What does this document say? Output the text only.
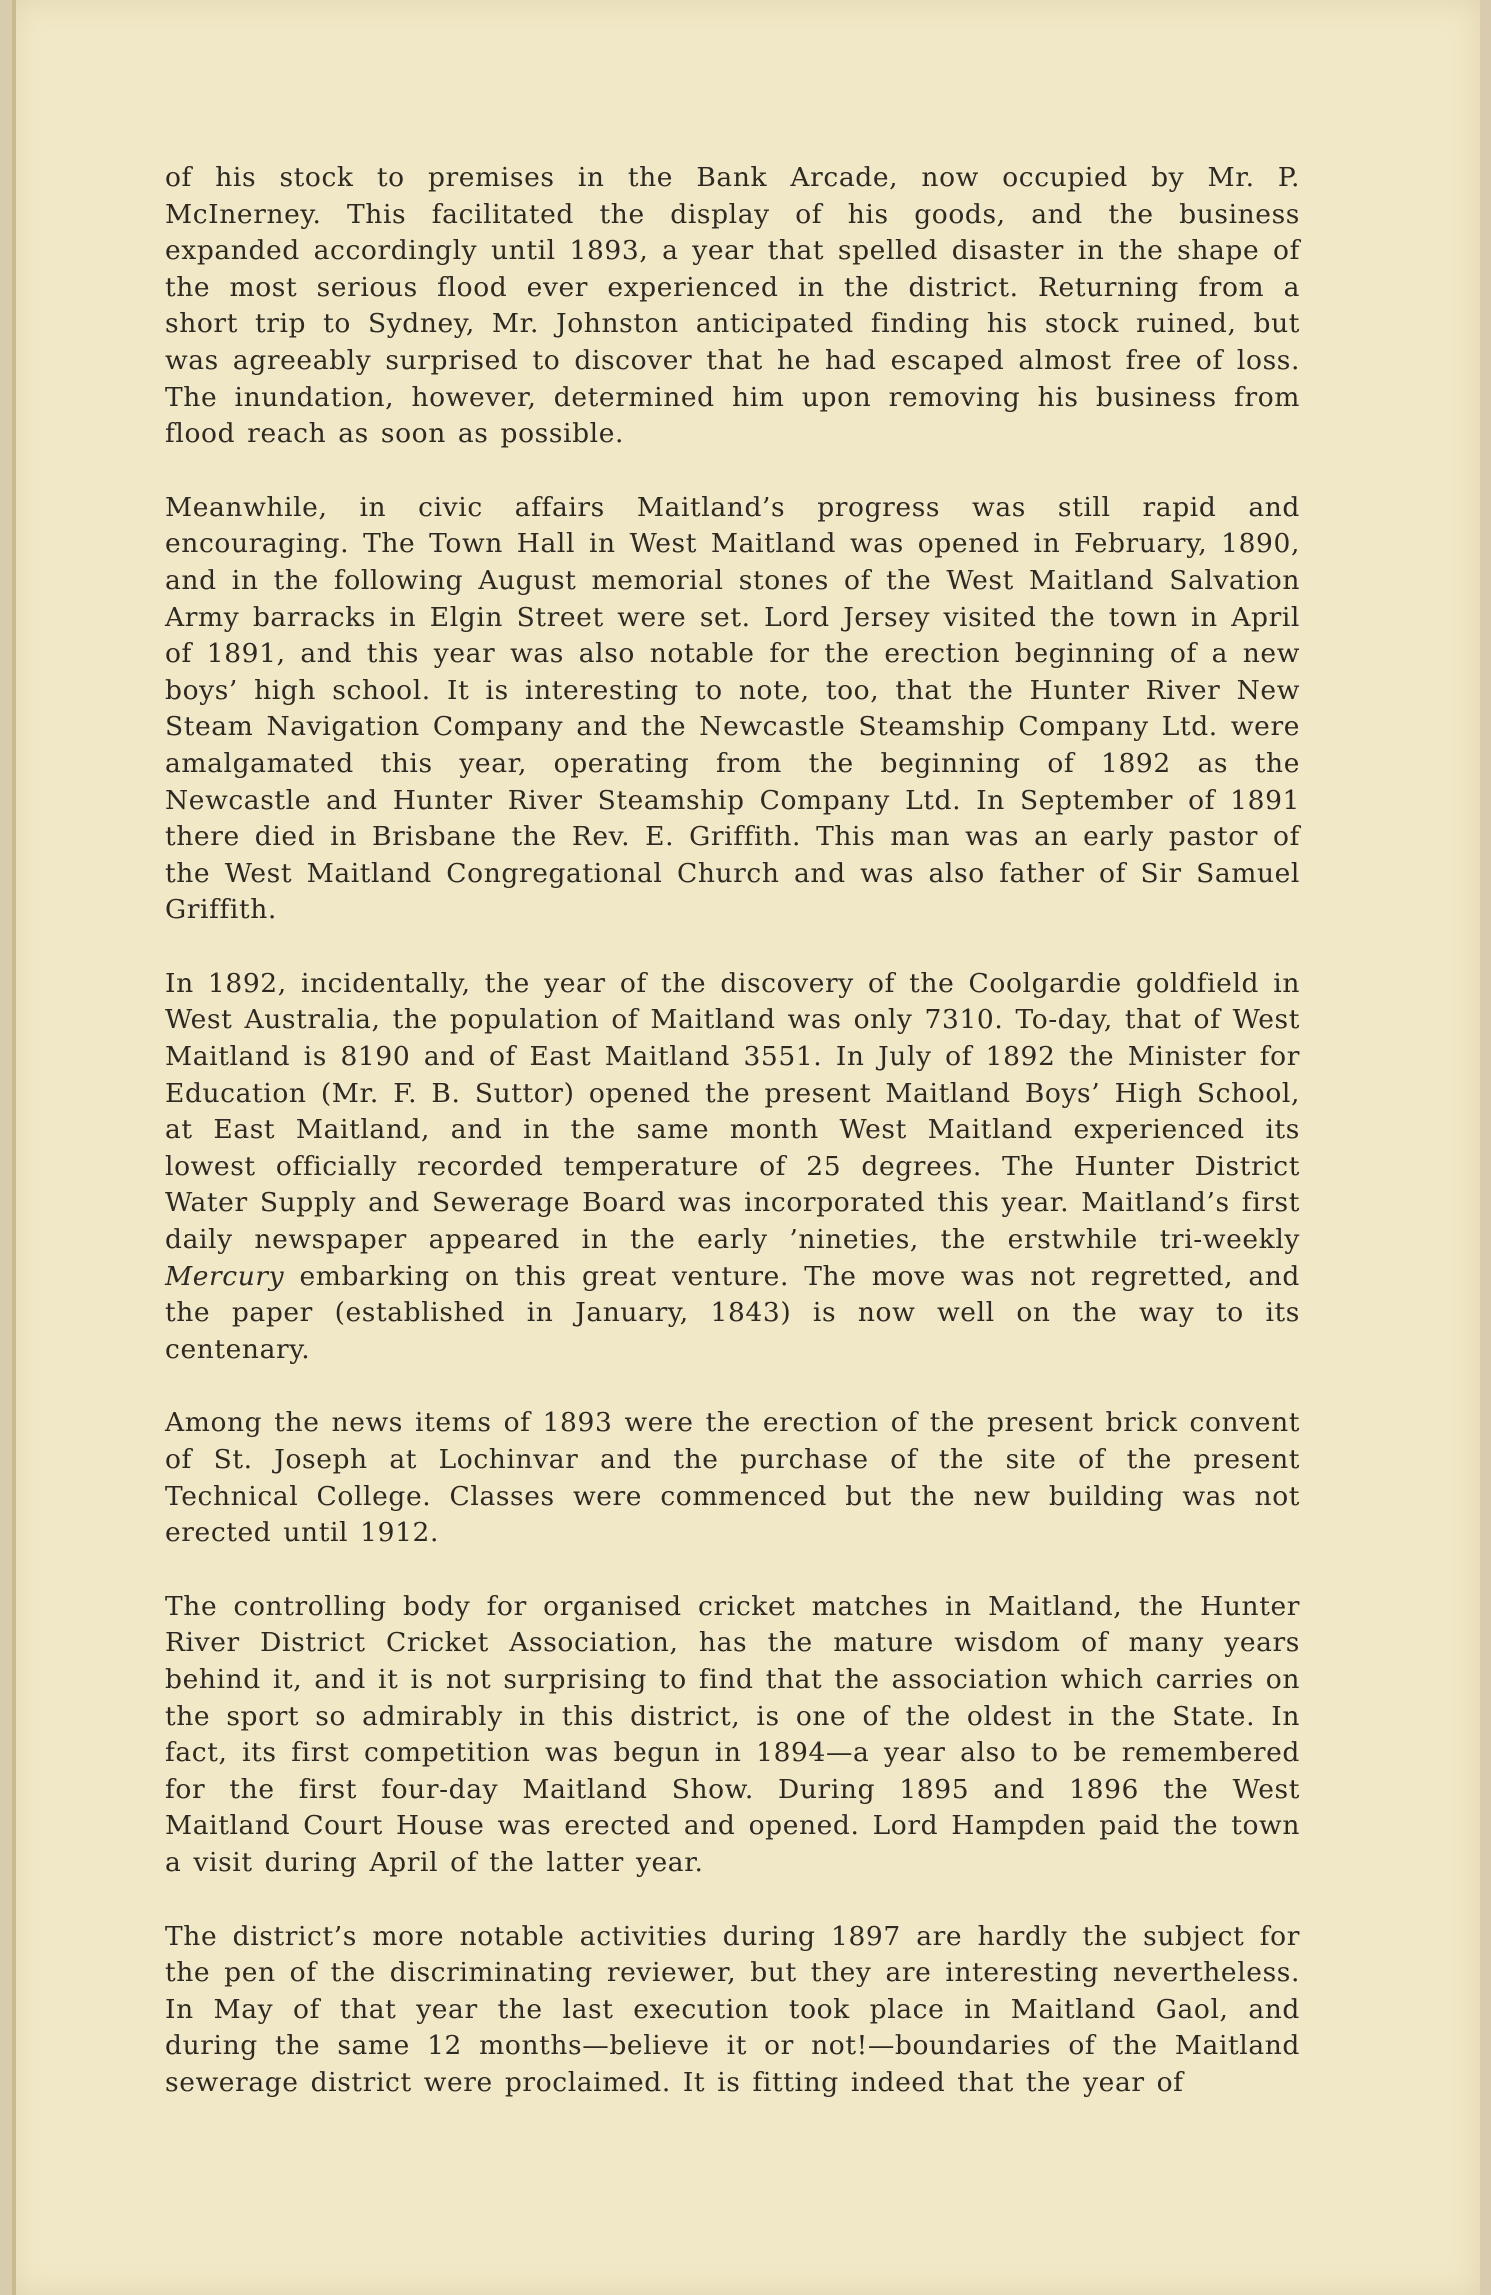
of his stock to premises in the Bank Arcade, now occupied by Mr. P. McInerney. This facilitated the display of his goods, and the business expanded accordingly until 1893, a year that spelled disaster in the shape of the most serious flood ever experienced in the district. Returning from a short trip to Sydney, Mr. Johnston anticipated finding his stock ruined, but was agreeably surprised to discover that he had escaped almost free of loss. The inundation, however, determined him upon removing his business from flood reach as soon as possible.

Meanwhile, in civic affairs Maitland’s progress was still rapid and encouraging. The Town Hall in West Maitland was opened in February, 1890, and in the following August memorial stones of the West Maitland Salvation Army barracks in Elgin Street were set. Lord Jersey visited the town in April of 1891, and this year was also notable for the erection beginning of a new boys’ high school. It is interesting to note, too, that the Hunter River New Steam Navigation Company and the Newcastle Steamship Company Ltd. were amalgamated this year, operating from the beginning of 1892 as the Newcastle and Hunter River Steamship Company Ltd. In September of 1891 there died in Brisbane the Rev. E. Griffith. This man was an early pastor of the West Maitland Congregational Church and was also father of Sir Samuel Griffith.

In 1892, incidentally, the year of the discovery of the Coolgardie goldfield in West Australia, the population of Maitland was only 7310. To-day, that of West Maitland is 8190 and of East Maitland 3551. In July of 1892 the Minister for Education (Mr. F. B. Suttor) opened the present Maitland Boys’ High School, at East Maitland, and in the same month West Maitland experienced its lowest officially recorded temperature of 25 degrees. The Hunter District Water Supply and Sewerage Board was incorporated this year. Maitland’s first daily newspaper appeared in the early ’nineties, the erstwhile tri-weekly Mercury embarking on this great venture. The move was not regretted, and the paper (established in January, 1843) is now well on the way to its centenary.

Among the news items of 1893 were the erection of the present brick convent of St. Joseph at Lochinvar and the purchase of the site of the present Technical College. Classes were commenced but the new building was not erected until 1912.

The controlling body for organised cricket matches in Maitland, the Hunter River District Cricket Association, has the mature wisdom of many years behind it, and it is not surprising to find that the association which carries on the sport so admirably in this district, is one of the oldest in the State. In fact, its first competition was begun in 1894—a year also to be remembered for the first four-day Maitland Show. During 1895 and 1896 the West Maitland Court House was erected and opened. Lord Hampden paid the town a visit during April of the latter year.

The district’s more notable activities during 1897 are hardly the subject for the pen of the discriminating reviewer, but they are interesting nevertheless. In May of that year the last execution took place in Maitland Gaol, and during the same 12 months—believe it or not!—boundaries of the Maitland sewerage district were proclaimed. It is fitting indeed that the year of
